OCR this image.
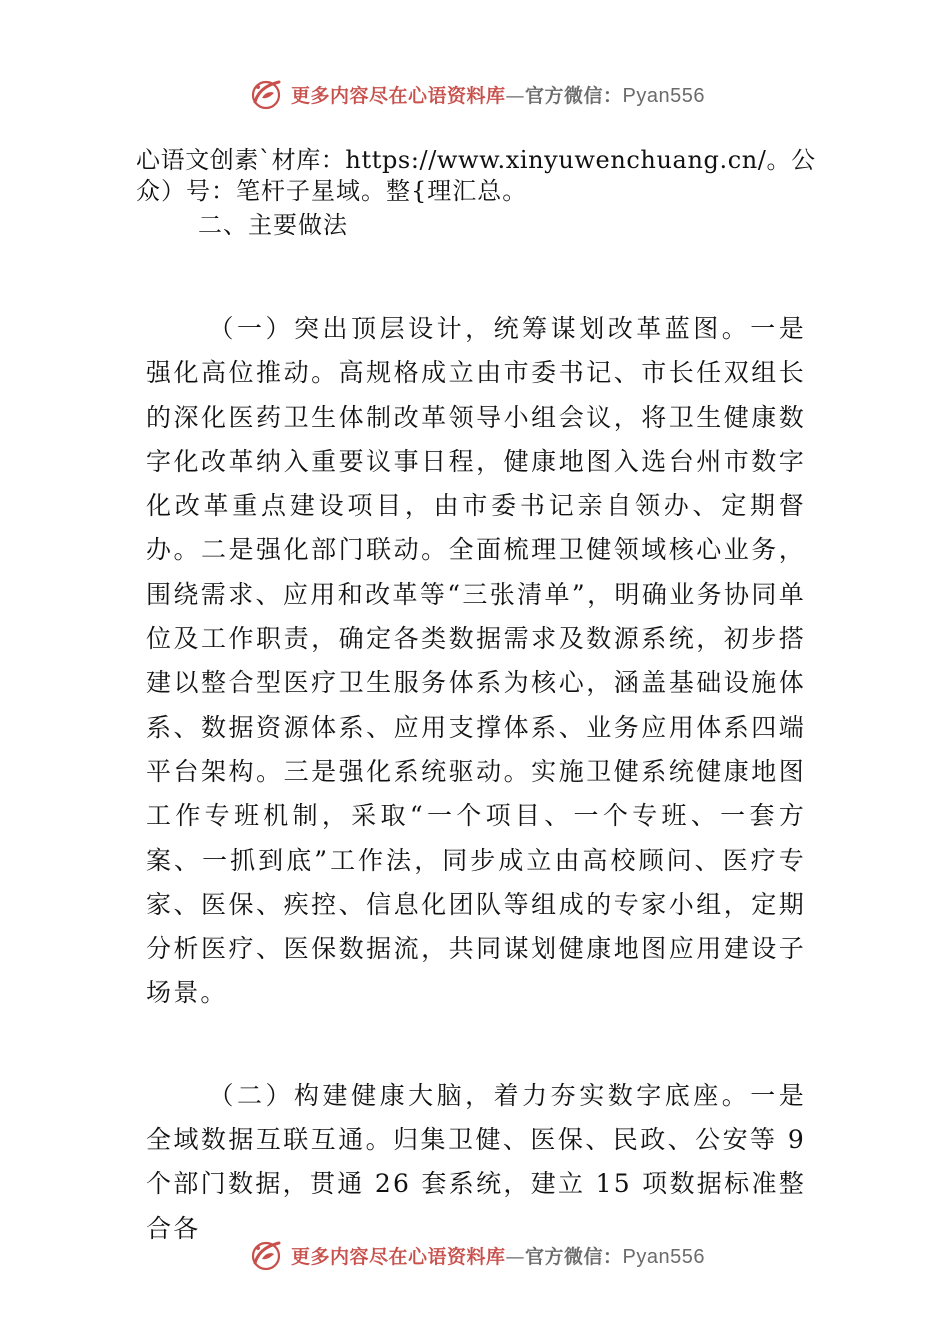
更多内容尽在心语资料库—官方微信：Pyan556

心语文创素`材库：https://www.xinyuwenchuang.cn/。公

众）号：笔杆子星域。整{理汇总。

二、主要做法

（一）突出顶层设计，统筹谋划改革蓝图。一是强化高位推动。高规格成立由市委书记、市长任双组长的深化医药卫生体制改革领导小组会议，将卫生健康数字化改革纳入重要议事日程，健康地图入选台州市数字化改革重点建设项目，由市委书记亲自领办、定期督办。二是强化部门联动。全面梳理卫健领域核心业务，围绕需求、应用和改革等“三张清单”，明确业务协同单位及工作职责，确定各类数据需求及数源系统，初步搭建以整合型医疗卫生服务体系为核心，涵盖基础设施体系、数据资源体系、应用支撑体系、业务应用体系四端平台架构。三是强化系统驱动。实施卫健系统健康地图工作专班机制，采取“一个项目、一个专班、一套方案、一抓到底”工作法，同步成立由高校顾问、医疗专家、医保、疾控、信息化团队等组成的专家小组，定期分析医疗、医保数据流，共同谋划健康地图应用建设子场景。

（二）构建健康大脑，着力夯实数字底座。一是全域数据互联互通。归集卫健、医保、民政、公安等 9 个部门数据，贯通 26 套系统，建立 15 项数据标准整合各

更多内容尽在心语资料库—官方微信：Pyan556
